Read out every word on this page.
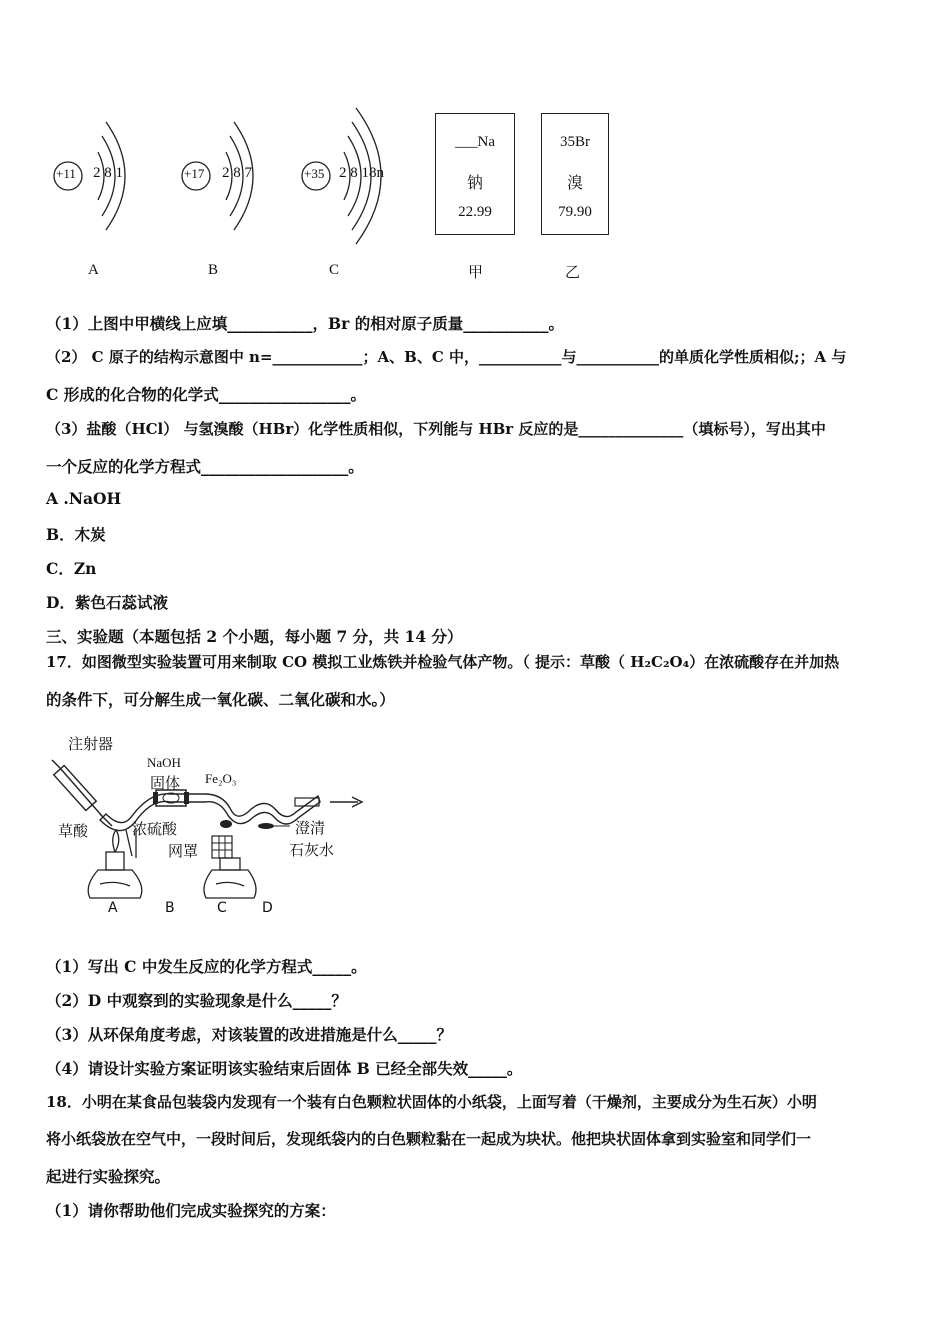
+11 2 8 1
A
+17 2 8 7
B
+35 2 8 18n
C
___Na
钠
22.99
甲
35Br
溴
79.90
乙
（1）上图中甲横线上应填___________，Br 的相对原子质量___________。
（2） C 原子的结构示意图中 n=____________；A、B、C 中，___________与___________的单质化学性质相似;；A 与
C 形成的化合物的化学式_________________。
（3）盐酸（HCl） 与氢溴酸（HBr）化学性质相似，下列能与 HBr 反应的是______________（填标号），写出其中
一个反应的化学方程式___________________。
A .NaOH
B．木炭
C．Zn
D．紫色石蕊试液
三、实验题（本题包括 2 个小题，每小题 7 分，共 14 分）
17．如图微型实验装置可用来制取 CO 模拟工业炼铁并检验气体产物。（ 提示：草酸（ H₂C₂O₄）在浓硫酸存在并加热
的条件下，可分解生成一氧化碳、二氧化碳和水。）
注射器
NaOH
固体 Fe₂O₃
草酸	浓硫酸	澄清
石灰水
网罩
A	B	C	D
（1）写出 C 中发生反应的化学方程式_____。
（2）D 中观察到的实验现象是什么_____？
（3）从环保角度考虑，对该装置的改进措施是什么_____？
（4）请设计实验方案证明该实验结束后固体 B 已经全部失效_____。
18．小明在某食品包装袋内发现有一个装有白色颗粒状固体的小纸袋，上面写着（干燥剂，主要成分为生石灰）小明
将小纸袋放在空气中，一段时间后，发现纸袋内的白色颗粒黏在一起成为块状。他把块状固体拿到实验室和同学们一
起进行实验探究。
（1）请你帮助他们完成实验探究的方案：
